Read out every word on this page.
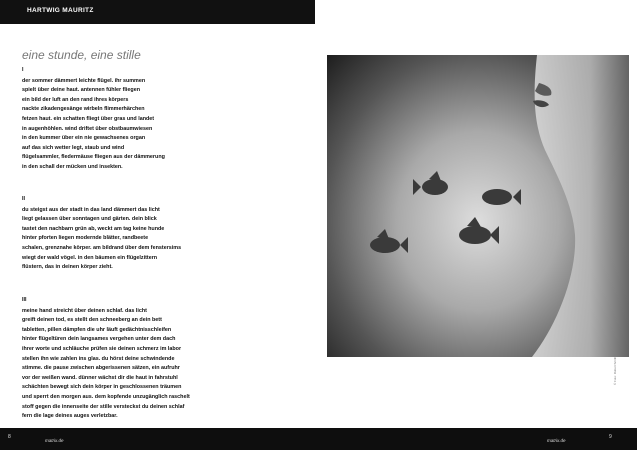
HARTWIG MAURITZ
eine stunde, eine stille
I
der sommer dämmert leichte flügel. ihr summen
spielt über deine haut. antennen fühler fliegen
ein bild der luft an den rand ihres körpers
nackte zikadengesänge wirbeln flimmerhärchen
fetzen haut. ein schatten fliegt über gras und landet
in augenhöhlen. wind driftet über obstbaumwiesen
in den kummer über ein nie gewachsenes organ
auf das sich wetter legt, staub und wind
flügelsammler, fledermäuse fliegen aus der dämmerung
in den schall der mücken und insekten.
II
du steigst aus der stadt in das land dämmert das licht
liegt gelassen über sonntagen und gärten. dein blick
tastet den nachbarn grün ab, weckt am tag keine hunde
hinter pforten liegen modernde blätter, randbeete
schalen, grenznahe körper. am bildrand über dem fenstersims
wiegt der wald vögel. in den bäumen ein flügelzittern
flüstern, das in deinen körper zieht.
III
meine hand streicht über deinen schlaf. das licht
greift deinen tod, es stellt den schneeberg an dein bett
tabletten, pillen dämpfen die uhr läuft gedächtnisschleifen
hinter flügeltüren dein langsames vergehen unter dem dach
ihrer worte und schläuche prüfen sie deinen schmerz im labor
stellen ihn wie zahlen ins glas. du hörst deine schwindende
stimme. die pause zwischen abgerissenen sätzen, ein aufruhr
vor der weißen wand. dünner wächst dir die haut in fahrstuhl
schächten bewegt sich dein körper in geschlossenen träumen
und sperrt den morgen aus. dem kopfende unzugänglich raschelt
stoff gegen die innenseite der stille versteckst du deinen schlaf
fern die lage deines auges verletzbar.
© Foto: Robert Smith
8
matrix.de	matrix.de
9
